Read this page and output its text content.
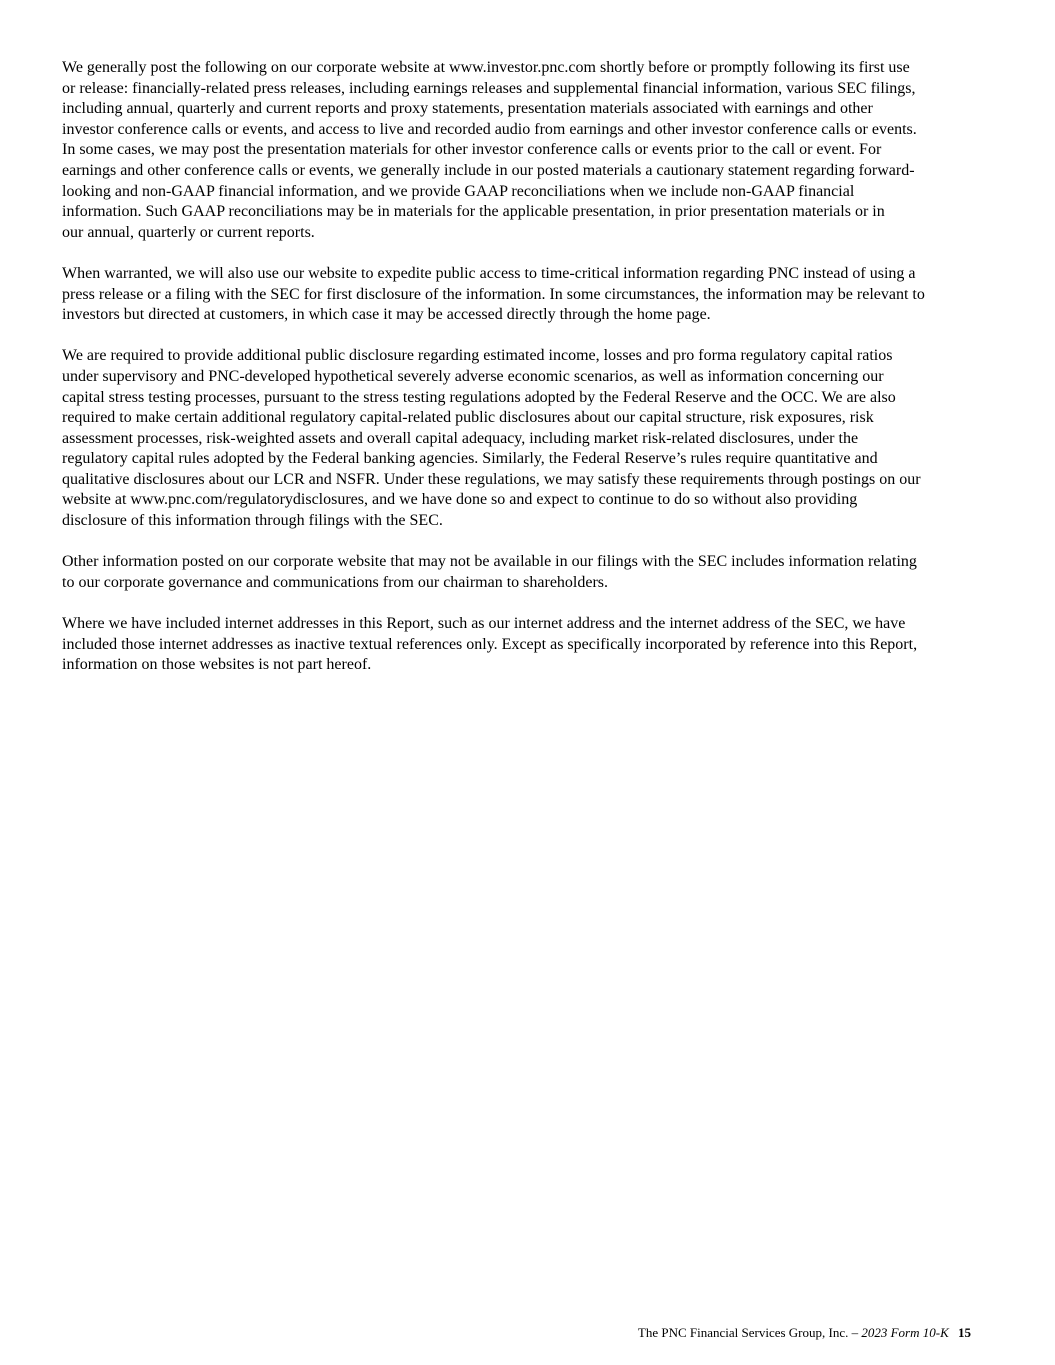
We generally post the following on our corporate website at www.investor.pnc.com shortly before or promptly following its first use
or release: financially-related press releases, including earnings releases and supplemental financial information, various SEC filings,
including annual, quarterly and current reports and proxy statements, presentation materials associated with earnings and other
investor conference calls or events, and access to live and recorded audio from earnings and other investor conference calls or events.
In some cases, we may post the presentation materials for other investor conference calls or events prior to the call or event. For
earnings and other conference calls or events, we generally include in our posted materials a cautionary statement regarding forward-
looking and non-GAAP financial information, and we provide GAAP reconciliations when we include non-GAAP financial
information. Such GAAP reconciliations may be in materials for the applicable presentation, in prior presentation materials or in
our annual, quarterly or current reports.

When warranted, we will also use our website to expedite public access to time-critical information regarding PNC instead of using a
press release or a filing with the SEC for first disclosure of the information. In some circumstances, the information may be relevant to
investors but directed at customers, in which case it may be accessed directly through the home page.

We are required to provide additional public disclosure regarding estimated income, losses and pro forma regulatory capital ratios
under supervisory and PNC-developed hypothetical severely adverse economic scenarios, as well as information concerning our
capital stress testing processes, pursuant to the stress testing regulations adopted by the Federal Reserve and the OCC. We are also
required to make certain additional regulatory capital-related public disclosures about our capital structure, risk exposures, risk
assessment processes, risk-weighted assets and overall capital adequacy, including market risk-related disclosures, under the
regulatory capital rules adopted by the Federal banking agencies. Similarly, the Federal Reserve’s rules require quantitative and
qualitative disclosures about our LCR and NSFR. Under these regulations, we may satisfy these requirements through postings on our
website at www.pnc.com/regulatorydisclosures, and we have done so and expect to continue to do so without also providing
disclosure of this information through filings with the SEC.

Other information posted on our corporate website that may not be available in our filings with the SEC includes information relating
to our corporate governance and communications from our chairman to shareholders.

Where we have included internet addresses in this Report, such as our internet address and the internet address of the SEC, we have
included those internet addresses as inactive textual references only. Except as specifically incorporated by reference into this Report,
information on those websites is not part hereof.

The PNC Financial Services Group, Inc. – 2023 Form 10-K 15
